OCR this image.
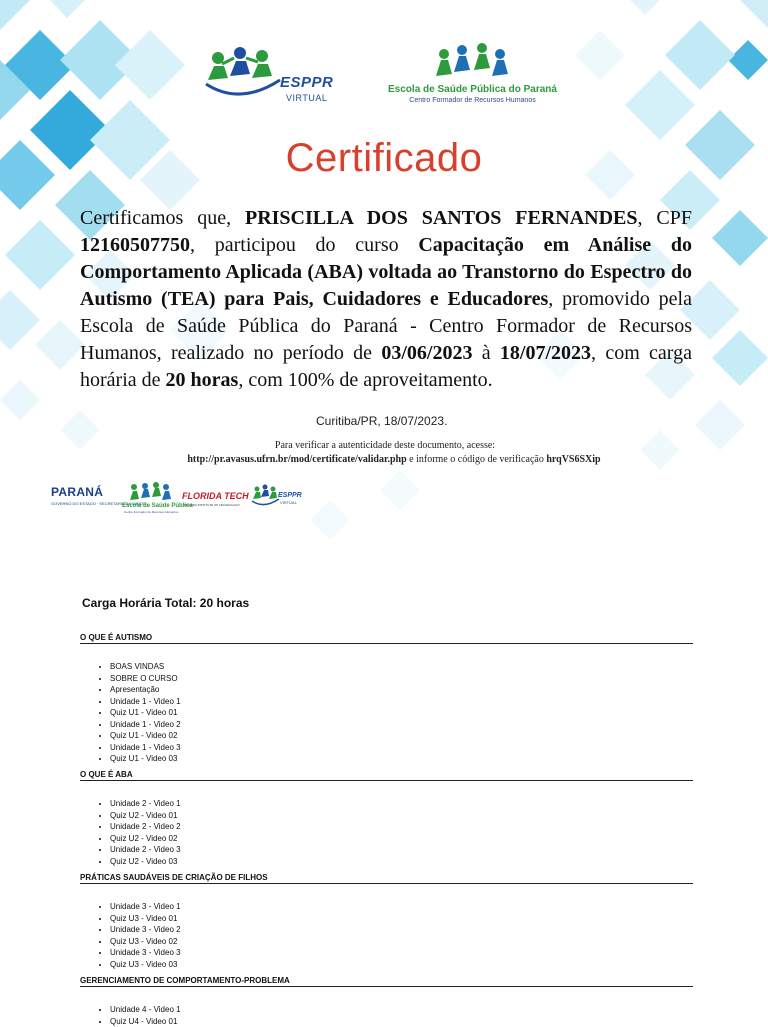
ESPPR
VIRTUAL
Escola de Saúde Pública do Paraná
Centro Formador de Recursos Humanos
Certificado
Certificamos que, PRISCILLA DOS SANTOS FERNANDES, CPF 12160507750, participou do curso Capacitação em Análise do Comportamento Aplicada (ABA) voltada ao Transtorno do Espectro do Autismo (TEA) para Pais, Cuidadores e Educadores, promovido pela Escola de Saúde Pública do Paraná - Centro Formador de Recursos Humanos, realizado no período de 03/06/2023 à 18/07/2023, com carga horária de 20 horas, com 100% de aproveitamento.
Curitiba/PR, 18/07/2023.
Para verificar a autenticidade deste documento, acesse:
http://pr.avasus.ufrn.br/mod/certificate/validar.php e informe o código de verificação hrqVS6SXip
PARANÁ
GOVERNO DO ESTADO · SECRETARIA DA SAÚDE
Escola de Saúde Pública
Centro Formador de Recursos Humanos
FLORIDA TECH
FLORIDA INSTITUTE OF TECHNOLOGY
ESPPR
VIRTUAL
Carga Horária Total: 20 horas
O QUE É AUTISMO
• BOAS VINDAS
• SOBRE O CURSO
• Apresentação
• Unidade 1 - Video 1
• Quiz U1 - Video 01
• Unidade 1 - Video 2
• Quiz U1 - Video 02
• Unidade 1 - Video 3
• Quiz U1 - Video 03
O QUE É ABA
• Unidade 2 - Video 1
• Quiz U2 - Video 01
• Unidade 2 - Video 2
• Quiz U2 - Video 02
• Unidade 2 - Video 3
• Quiz U2 - Video 03
PRÁTICAS SAUDÁVEIS DE CRIAÇÃO DE FILHOS
• Unidade 3 - Video 1
• Quiz U3 - Video 01
• Unidade 3 - Video 2
• Quiz U3 - Video 02
• Unidade 3 - Video 3
• Quiz U3 - Video 03
GERENCIAMENTO DE COMPORTAMENTO-PROBLEMA
• Unidade 4 - Video 1
• Quiz U4 - Video 01
